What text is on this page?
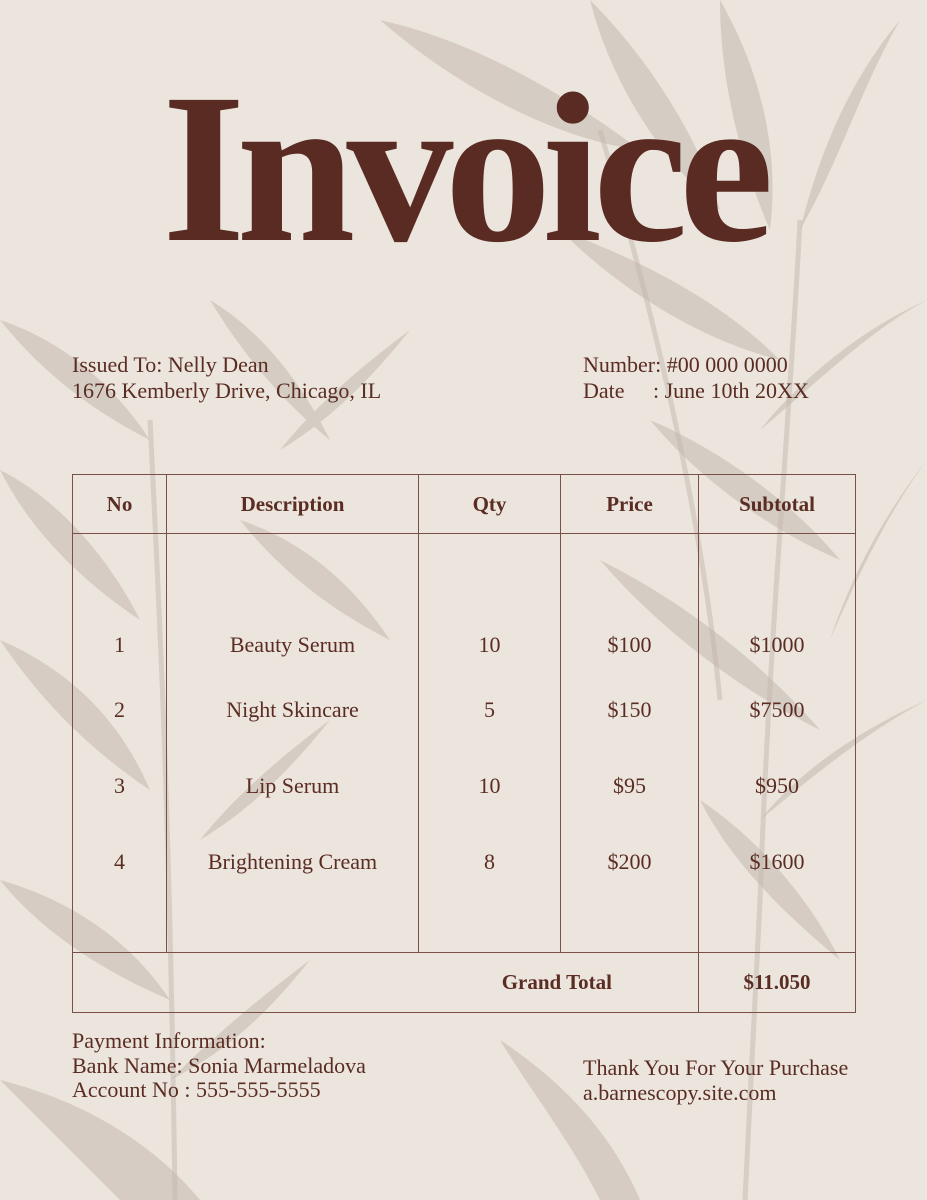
Invoice
Issued To: Nelly Dean
1676 Kemberly Drive, Chicago, IL
Number: #00 000 0000
Date : June 10th 20XX
No	Description	Qty	Price	Subtotal
1	Beauty Serum	10	$100	$1000
2	Night Skincare	5	$150	$7500
3	Lip Serum	10	$95	$950
4	Brightening Cream	8	$200	$1600

Grand Total				$11.050
Payment Information:
Bank Name: Sonia Marmeladova
Account No : 555-555-5555
Thank You For Your Purchase
a.barnescopy.site.com
